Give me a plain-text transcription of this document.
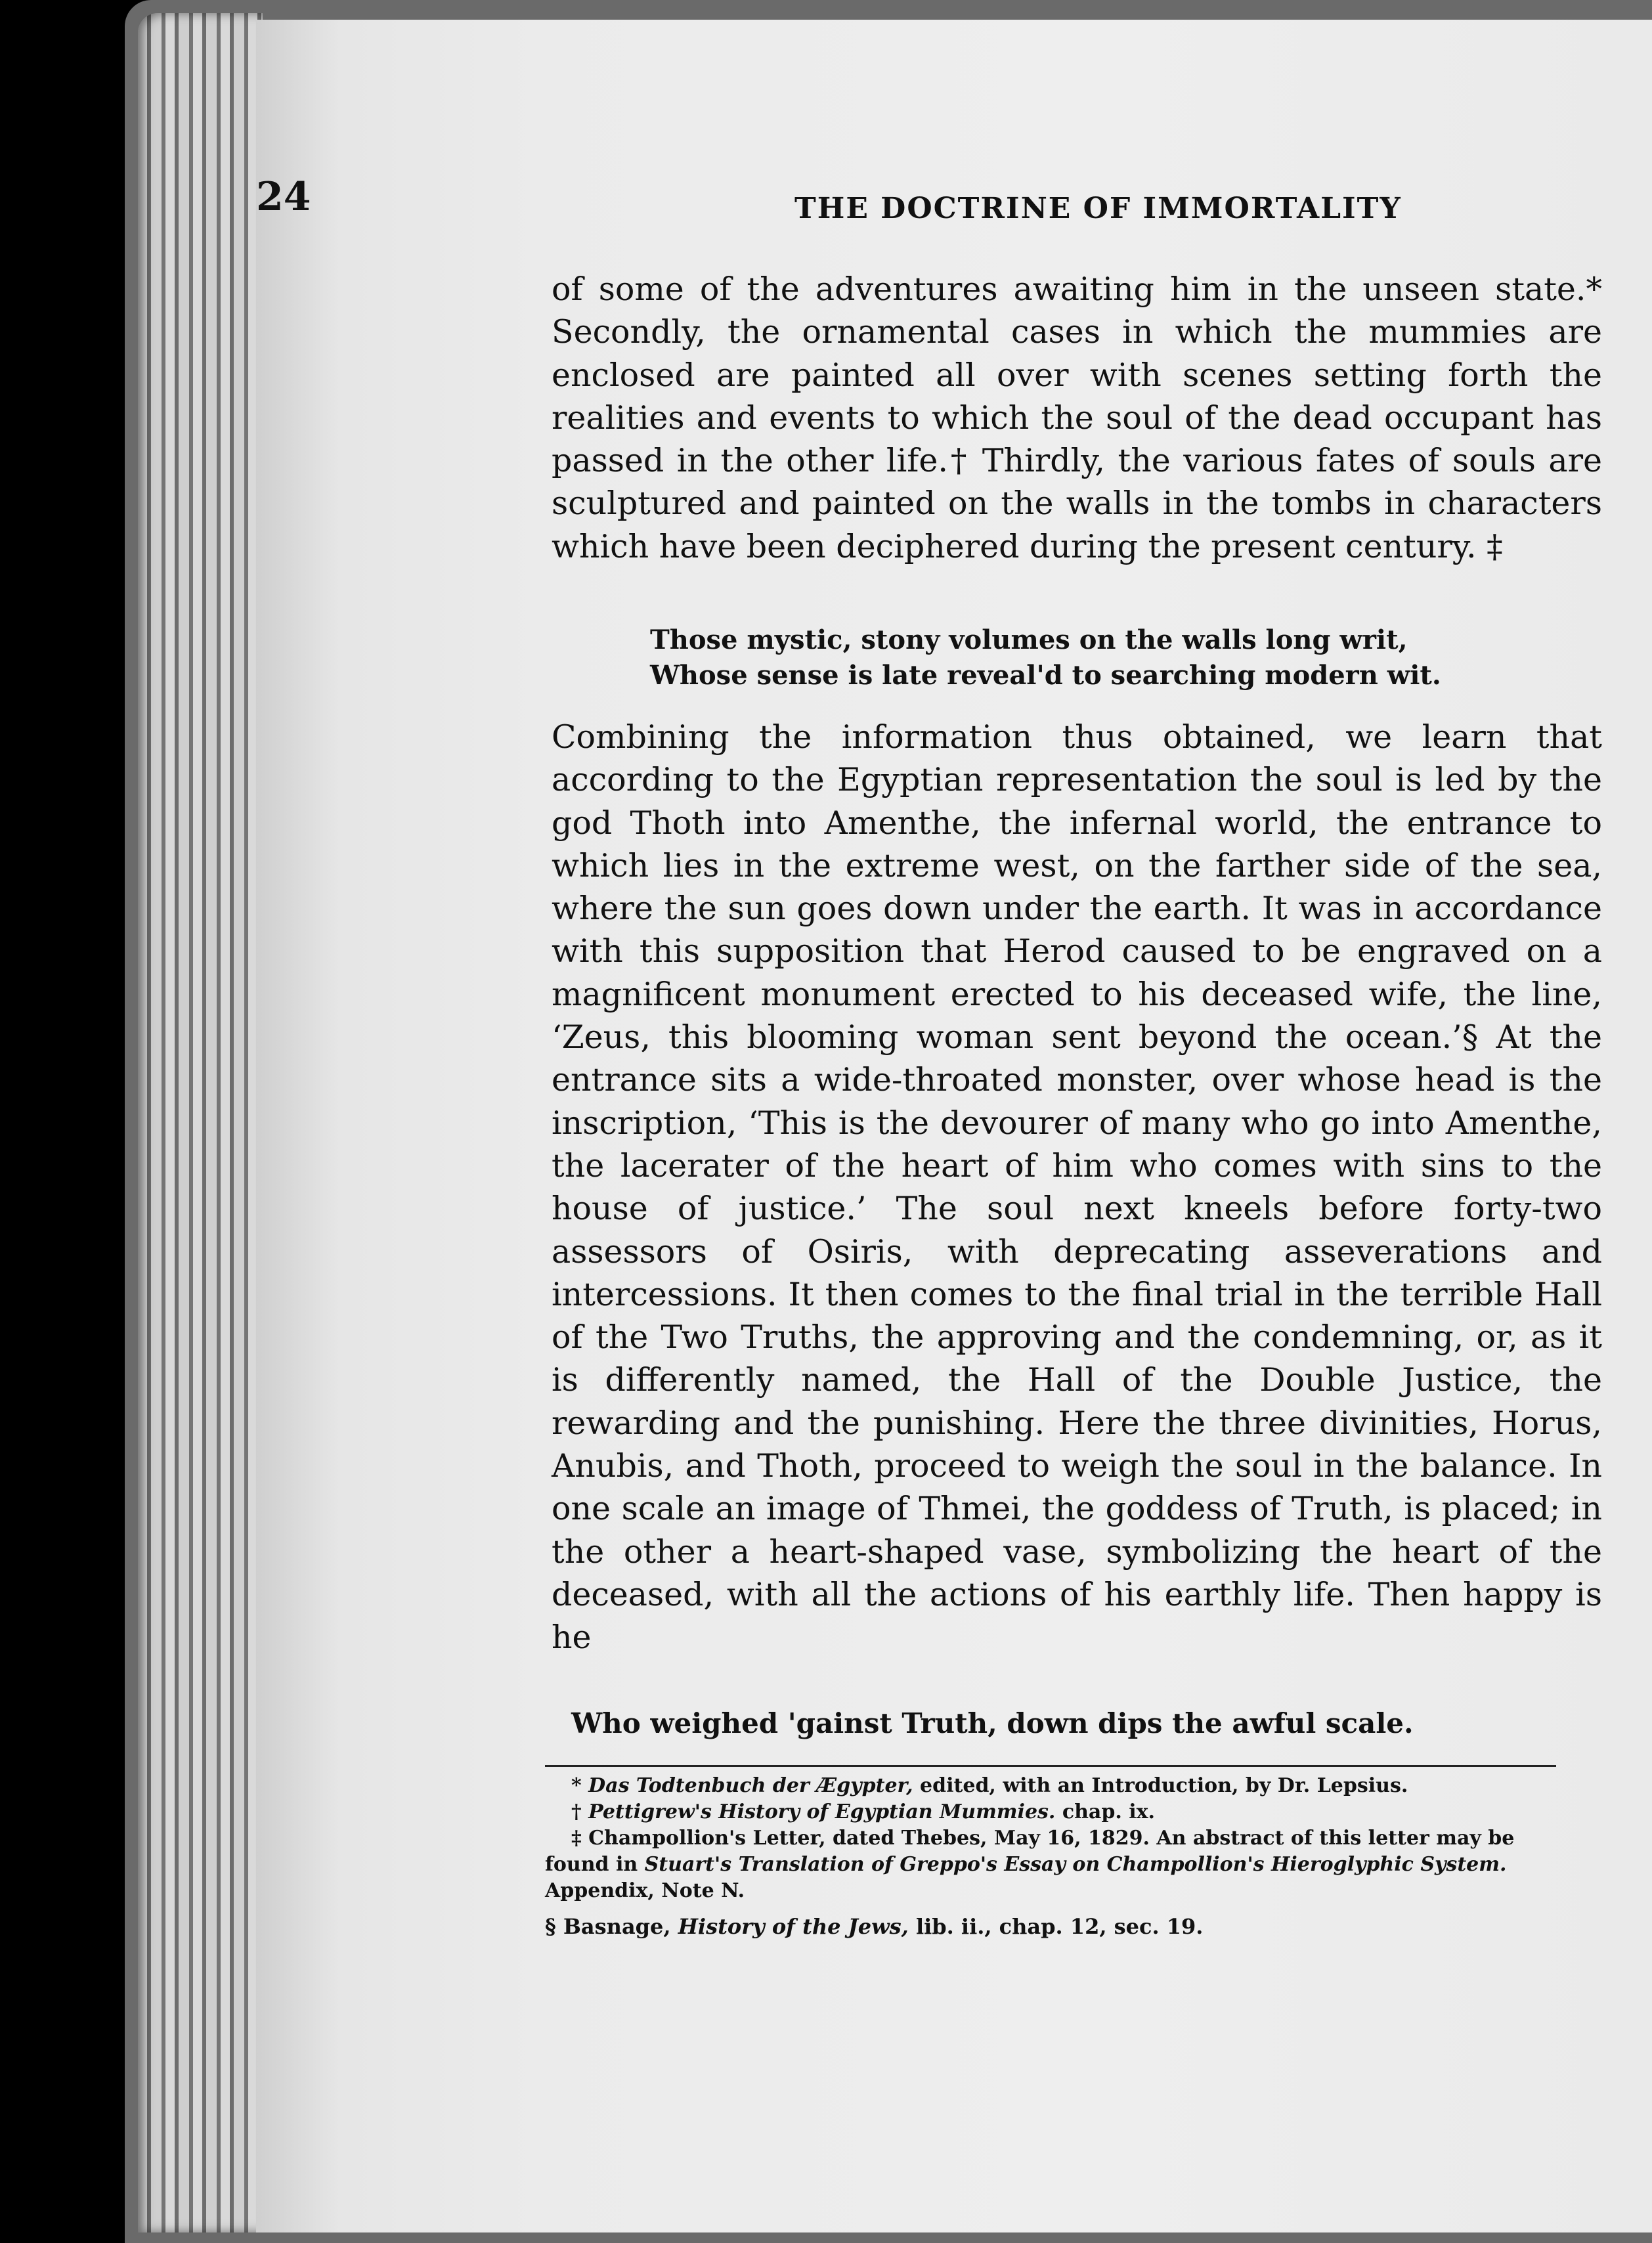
24	THE DOCTRINE OF IMMORTALITY

of some of the adventures awaiting him in the unseen state.* Secondly, the ornamental cases in which the mummies are enclosed are painted all over with scenes setting forth the realities and events to which the soul of the dead occupant has passed in the other life.† Thirdly, the various fates of souls are sculptured and painted on the walls in the tombs in characters which have been deciphered during the present century. ‡

Those mystic, stony volumes on the walls long writ,

Whose sense is late reveal'd to searching modern wit.

Combining the information thus obtained, we learn that according to the Egyptian representation the soul is led by the god Thoth into Amenthe, the infernal world, the entrance to which lies in the extreme west, on the farther side of the sea, where the sun goes down under the earth. It was in accordance with this supposition that Herod caused to be engraved on a magnificent monument erected to his deceased wife, the line, ‘Zeus, this blooming woman sent beyond the ocean.’§ At the entrance sits a wide-throated monster, over whose head is the inscription, ‘This is the devourer of many who go into Amenthe, the lacerater of the heart of him who comes with sins to the house of justice.’ The soul next kneels before forty-two assessors of Osiris, with deprecating asseverations and intercessions. It then comes to the final trial in the terrible Hall of the Two Truths, the approving and the condemning, or, as it is differently named, the Hall of the Double Justice, the rewarding and the punishing. Here the three divinities, Horus, Anubis, and Thoth, proceed to weigh the soul in the balance. In one scale an image of Thmei, the goddess of Truth, is placed; in the other a heart-shaped vase, symbolizing the heart of the deceased, with all the actions of his earthly life. Then happy is he

Who weighed 'gainst Truth, down dips the awful scale.

* Das Todtenbuch der Ægypter, edited, with an Introduction, by Dr. Lepsius.

† Pettigrew's History of Egyptian Mummies. chap. ix.

‡ Champollion's Letter, dated Thebes, May 16, 1829. An abstract of this letter may be found in Stuart's Translation of Greppo's Essay on Champollion's Hieroglyphic System. Appendix, Note N.

§ Basnage, History of the Jews, lib. ii., chap. 12, sec. 19.
